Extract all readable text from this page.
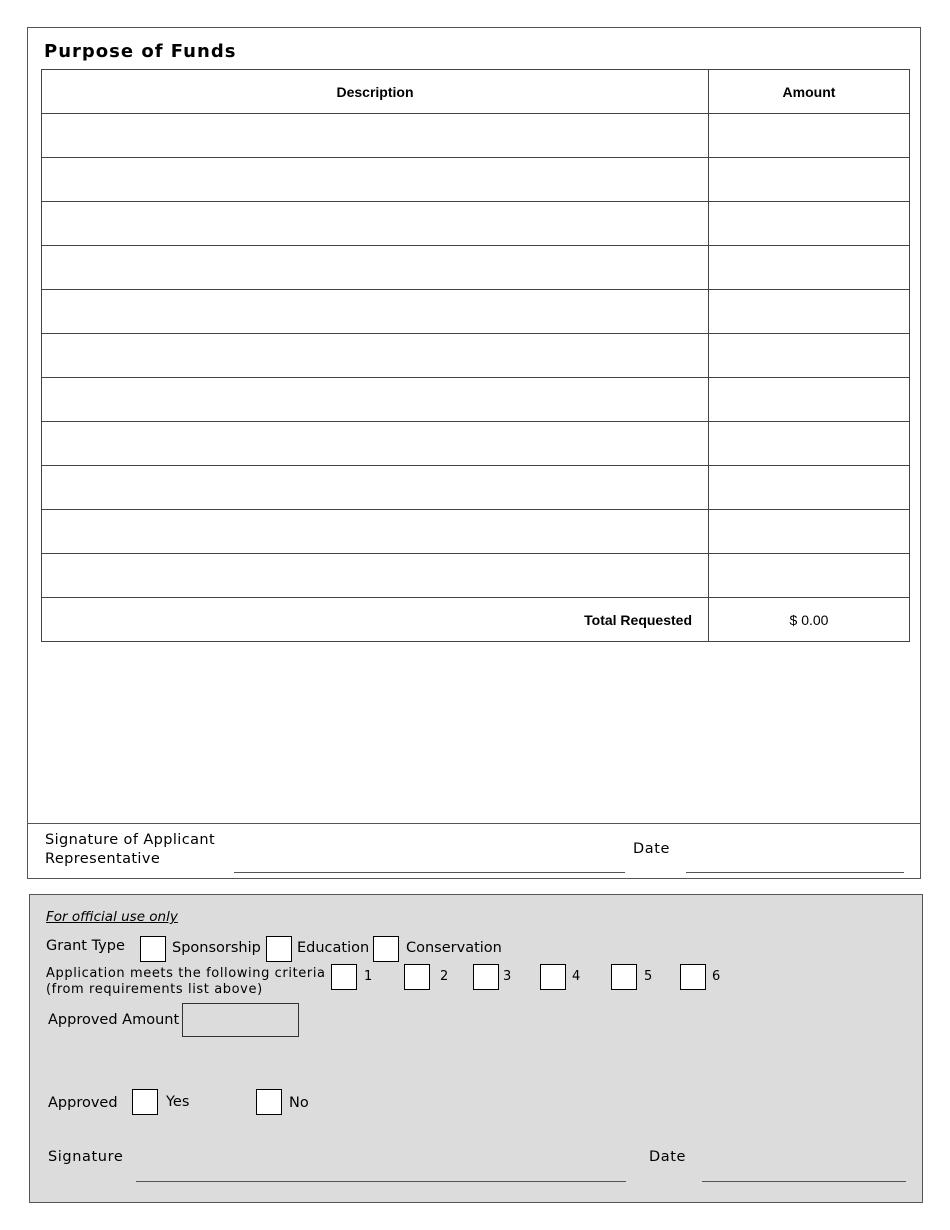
Purpose of Funds
Description	Amount

Total Requested	$ 0.00
Signature of Applicant
Representative
Date
For official use only
Grant Type	Sponsorship Education	Conservation
Application meets the following criteria
(from requirements list above)
1	2	3	4	5	6
Approved Amount
Approved	Yes	No
Signature	Date
